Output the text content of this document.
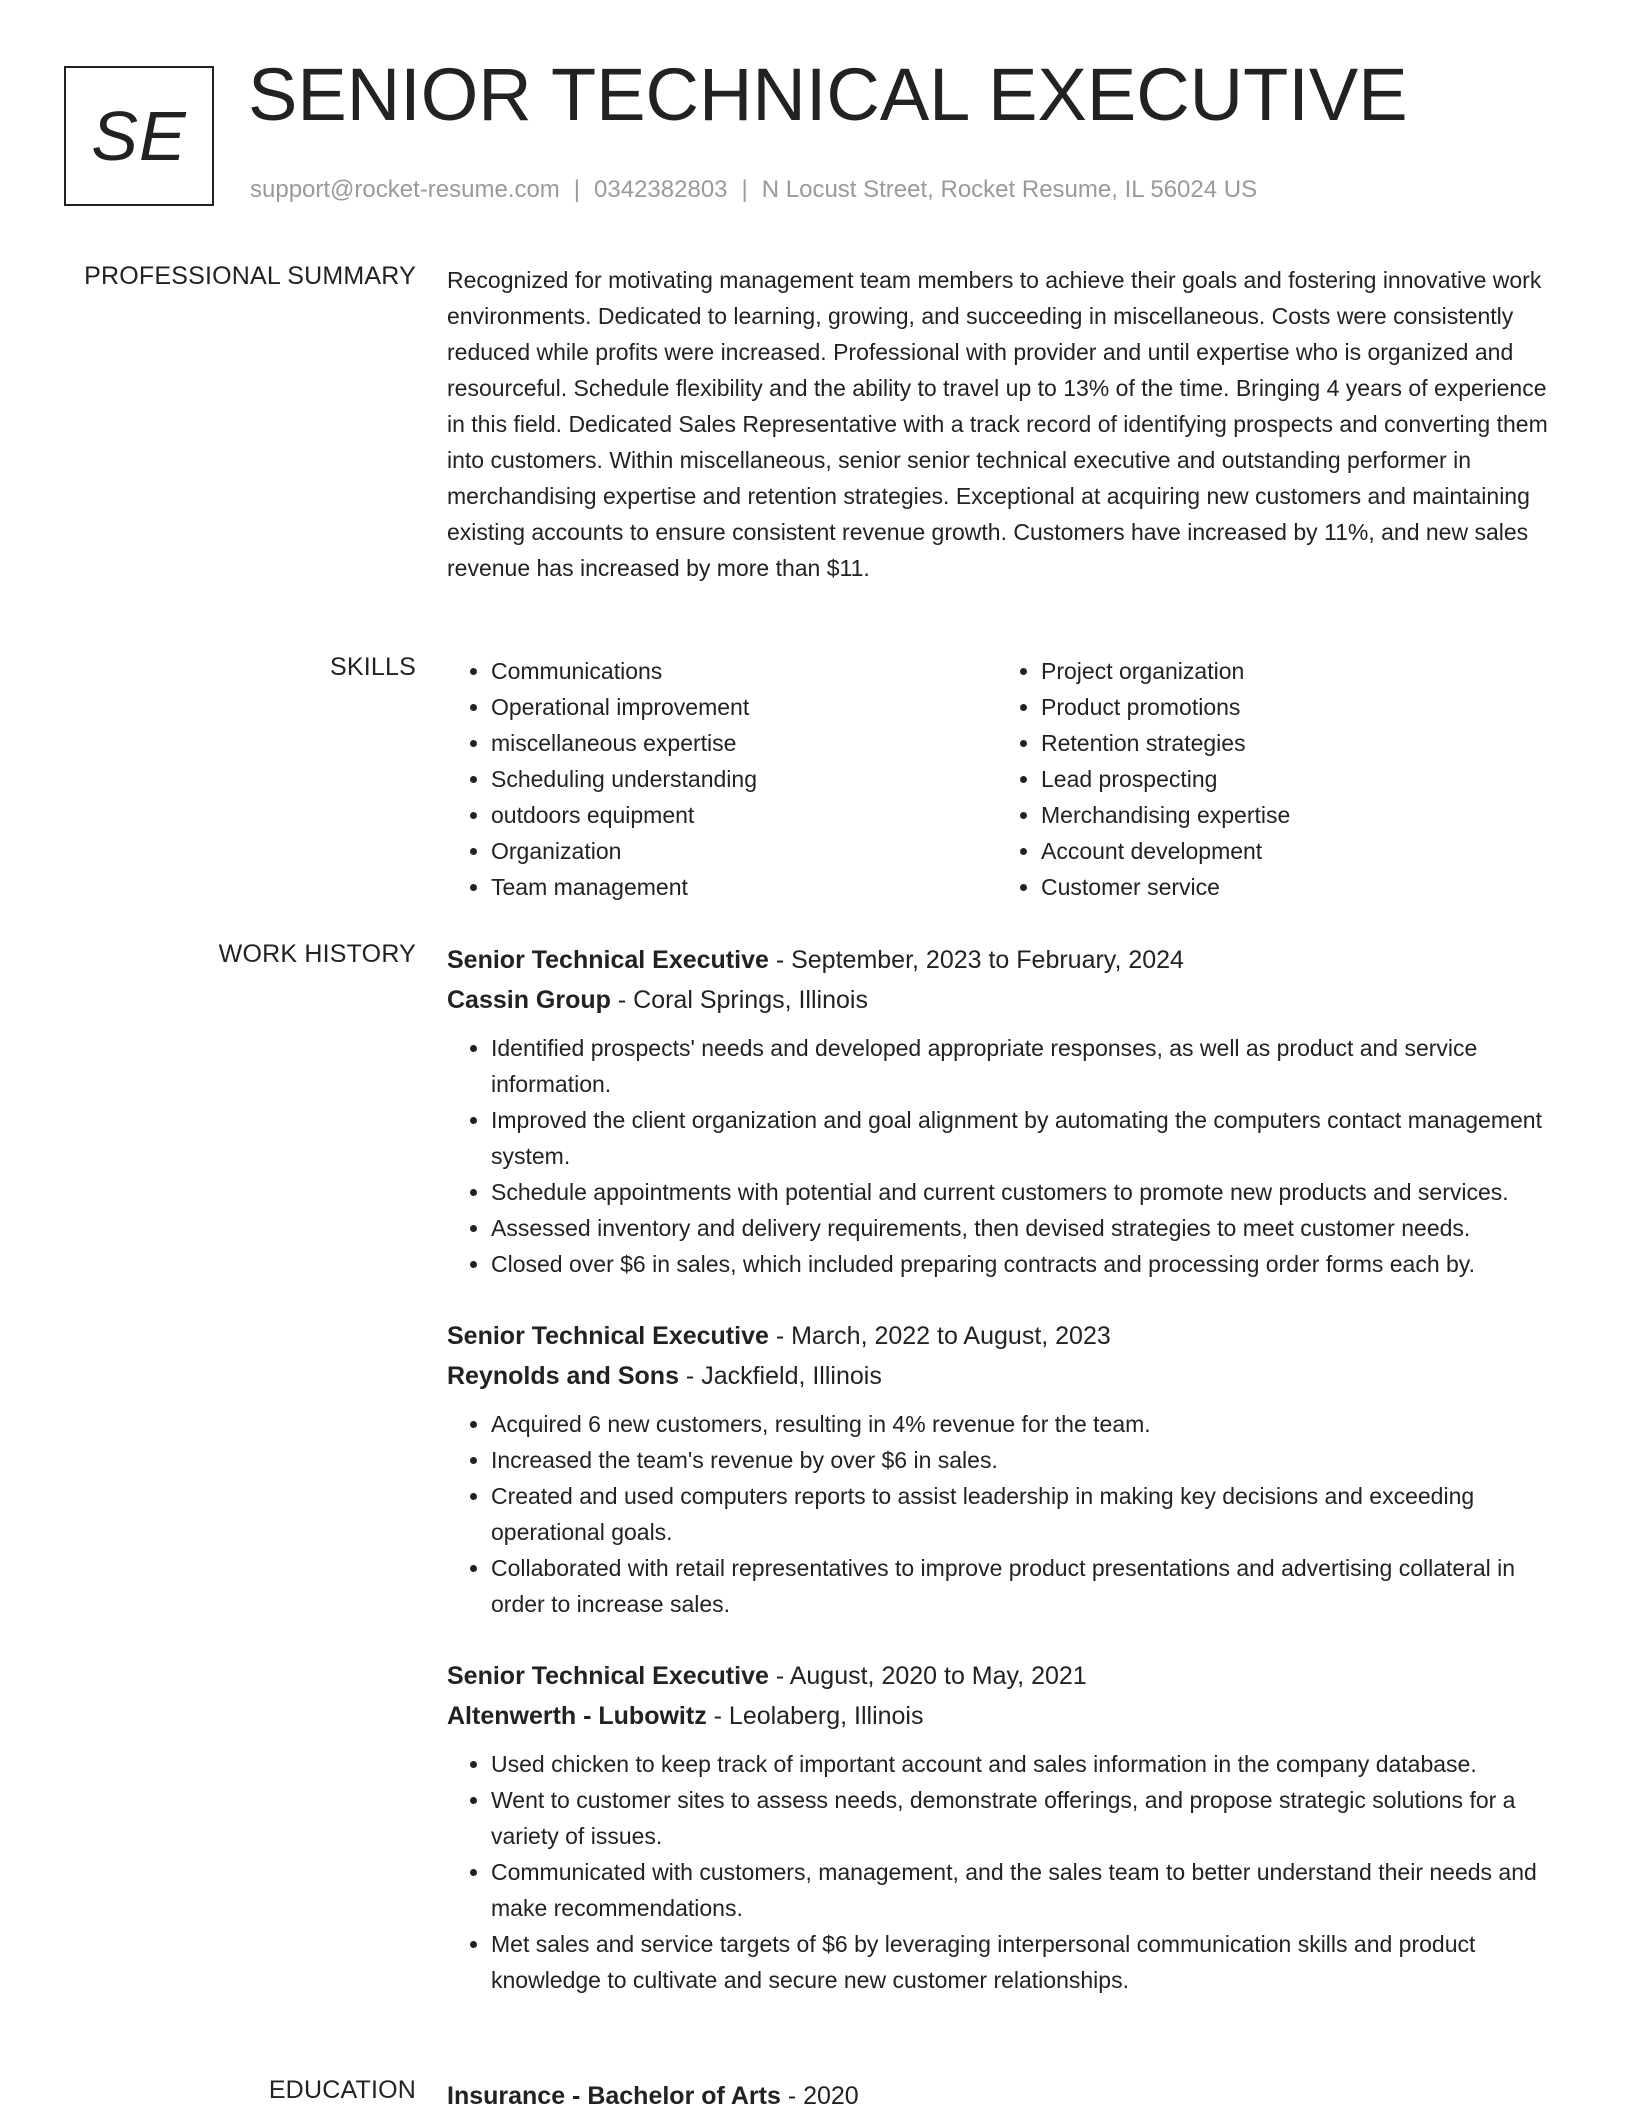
SE SENIOR TECHNICAL EXECUTIVE
support@rocket-resume.com | 0342382803 | N Locust Street, Rocket Resume, IL 56024 US
PROFESSIONAL SUMMARY Recognized for motivating management team members to achieve their goals and fostering innovative work environments. Dedicated to learning, growing, and succeeding in miscellaneous. Costs were consistently reduced while profits were increased. Professional with provider and until expertise who is organized and resourceful. Schedule flexibility and the ability to travel up to 13% of the time. Bringing 4 years of experience in this field. Dedicated Sales Representative with a track record of identifying prospects and converting them into customers. Within miscellaneous, senior senior technical executive and outstanding performer in merchandising expertise and retention strategies. Exceptional at acquiring new customers and maintaining existing accounts to ensure consistent revenue growth. Customers have increased by 11%, and new sales revenue has increased by more than $11.

SKILLS
•	Communications
• Operational improvement
• miscellaneous expertise
• Scheduling understanding
• outdoors equipment
• Organization
• Team management
• Project organization
• Product promotions
• Retention strategies
• Lead prospecting
• Merchandising expertise
• Account development
• Customer service
WORK HISTORY Senior Technical Executive - September, 2023 to February, 2024
Cassin Group - Coral Springs, Illinois
• Identified prospects' needs and developed appropriate responses, as well as product and service information.
• Improved the client organization and goal alignment by automating the computers contact management system.
• Schedule appointments with potential and current customers to promote new products and services.
• Assessed inventory and delivery requirements, then devised strategies to meet customer needs.
• Closed over $6 in sales, which included preparing contracts and processing order forms each by.
Senior Technical Executive - March, 2022 to August, 2023
Reynolds and Sons - Jackfield, Illinois
• Acquired 6 new customers, resulting in 4% revenue for the team.
• Increased the team's revenue by over $6 in sales.
• Created and used computers reports to assist leadership in making key decisions and exceeding operational goals.
• Collaborated with retail representatives to improve product presentations and advertising collateral in order to increase sales.
Senior Technical Executive - August, 2020 to May, 2021
Altenwerth - Lubowitz - Leolaberg, Illinois
• Used chicken to keep track of important account and sales information in the company database.
• Went to customer sites to assess needs, demonstrate offerings, and propose strategic solutions for a variety of issues.
• Communicated with customers, management, and the sales team to better understand their needs and make recommendations.
• Met sales and service targets of $6 by leveraging interpersonal communication skills and product knowledge to cultivate and secure new customer relationships.
EDUCATION Insurance - Bachelor of Arts - 2020
